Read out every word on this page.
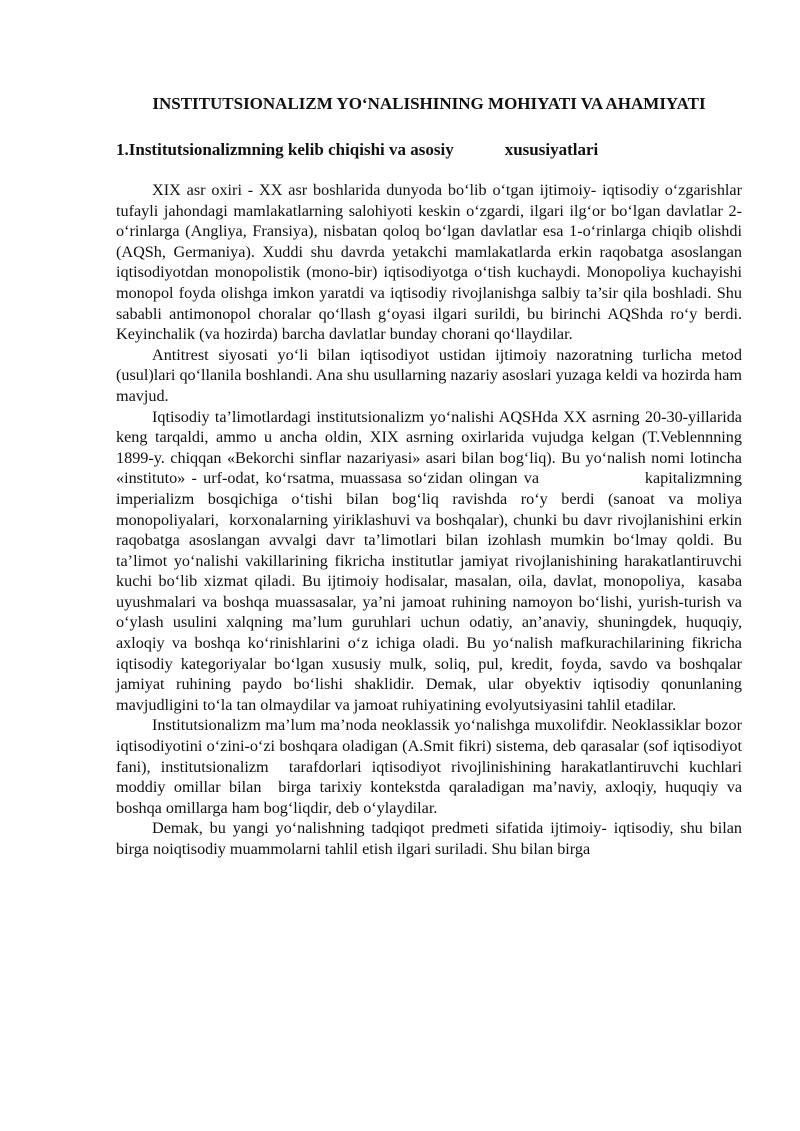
INSTITUTSIONALIZM YO‘NALISHINING MOHIYATI VA AHAMIYATI
1.Institutsionalizmning kelib chiqishi va asosiy            xususiyatlari

XIX asr oxiri - XX asr boshlarida dunyoda bo‘lib o‘tgan ijtimoiy- iqtisodiy o‘zgarishlar tufayli jahondagi mamlakatlarning salohiyoti keskin o‘zgardi, ilgari ilg‘or bo‘lgan davlatlar 2-o‘rinlarga (Angliya, Fransiya), nisbatan qoloq bo‘lgan davlatlar esa 1-o‘rinlarga chiqib olishdi (AQSh, Germaniya). Xuddi shu davrda yetakchi mamlakatlarda erkin raqobatga asoslangan iqtisodiyotdan monopolistik (mono-bir) iqtisodiyotga o‘tish kuchaydi. Monopoliya kuchayishi monopol foyda olishga imkon yaratdi va iqtisodiy rivojlanishga salbiy ta’sir qila boshladi. Shu sababli antimonopol choralar qo‘llash g‘oyasi ilgari surildi, bu birinchi AQShda ro‘y berdi. Keyinchalik (va hozirda) barcha davlatlar bunday chorani qo‘llaydilar.

Antitrest siyosati yo‘li bilan iqtisodiyot ustidan ijtimoiy nazoratning turlicha metod (usul)lari qo‘llanila boshlandi. Ana shu usullarning nazariy asoslari yuzaga keldi va hozirda ham mavjud.

Iqtisodiy ta’limotlardagi institutsionalizm yo‘nalishi AQSHda XX asrning 20-30-yillarida keng tarqaldi, ammo u ancha oldin, XIX asrning oxirlarida vujudga kelgan (T.Veblennning 1899-y. chiqqan «Bekorchi sinflar nazariyasi» asari bilan bog‘liq). Bu yo‘nalish nomi lotincha «instituto» - urf-odat, ko‘rsatma, muassasa so‘zidan olingan va                 kapitalizmning imperializm bosqichiga o‘tishi bilan bog‘liq ravishda ro‘y berdi (sanoat va moliya monopoliyalari,  korxonalarning yiriklashuvi va boshqalar), chunki bu davr rivojlanishini erkin raqobatga asoslangan avvalgi davr ta’limotlari bilan izohlash mumkin bo‘lmay qoldi. Bu ta’limot yo‘nalishi vakillarining fikricha institutlar jamiyat rivojlanishining harakatlantiruvchi kuchi bo‘lib xizmat qiladi. Bu ijtimoiy hodisalar, masalan, oila, davlat, monopoliya,  kasaba uyushmalari va boshqa muassasalar, ya’ni jamoat ruhining namoyon bo‘lishi, yurish-turish va o‘ylash usulini xalqning ma’lum guruhlari uchun odatiy, an’anaviy, shuningdek, huquqiy, axloqiy va boshqa ko‘rinishlarini o‘z ichiga oladi. Bu yo‘nalish mafkurachilarining fikricha iqtisodiy kategoriyalar bo‘lgan xususiy mulk, soliq, pul, kredit, foyda, savdo va boshqalar jamiyat ruhining paydo bo‘lishi shaklidir. Demak, ular obyektiv iqtisodiy qonunlaning mavjudligini to‘la tan olmaydilar va jamoat ruhiyatining evolyutsiyasini tahlil etadilar.

Institutsionalizm ma’lum ma’noda neoklassik yo‘nalishga muxolifdir. Neoklassiklar bozor iqtisodiyotini o‘zini-o‘zi boshqara oladigan (A.Smit fikri) sistema, deb qarasalar (sof iqtisodiyot fani), institutsionalizm  tarafdorlari iqtisodiyot rivojlinishining harakatlantiruvchi kuchlari moddiy omillar bilan  birga tarixiy kontekstda qaraladigan ma’naviy, axloqiy, huquqiy va boshqa omillarga ham bog‘liqdir, deb o‘ylaydilar.

Demak, bu yangi yo‘nalishning tadqiqot predmeti sifatida ijtimoiy- iqtisodiy, shu bilan birga noiqtisodiy muammolarni tahlil etish ilgari suriladi. Shu bilan birga
